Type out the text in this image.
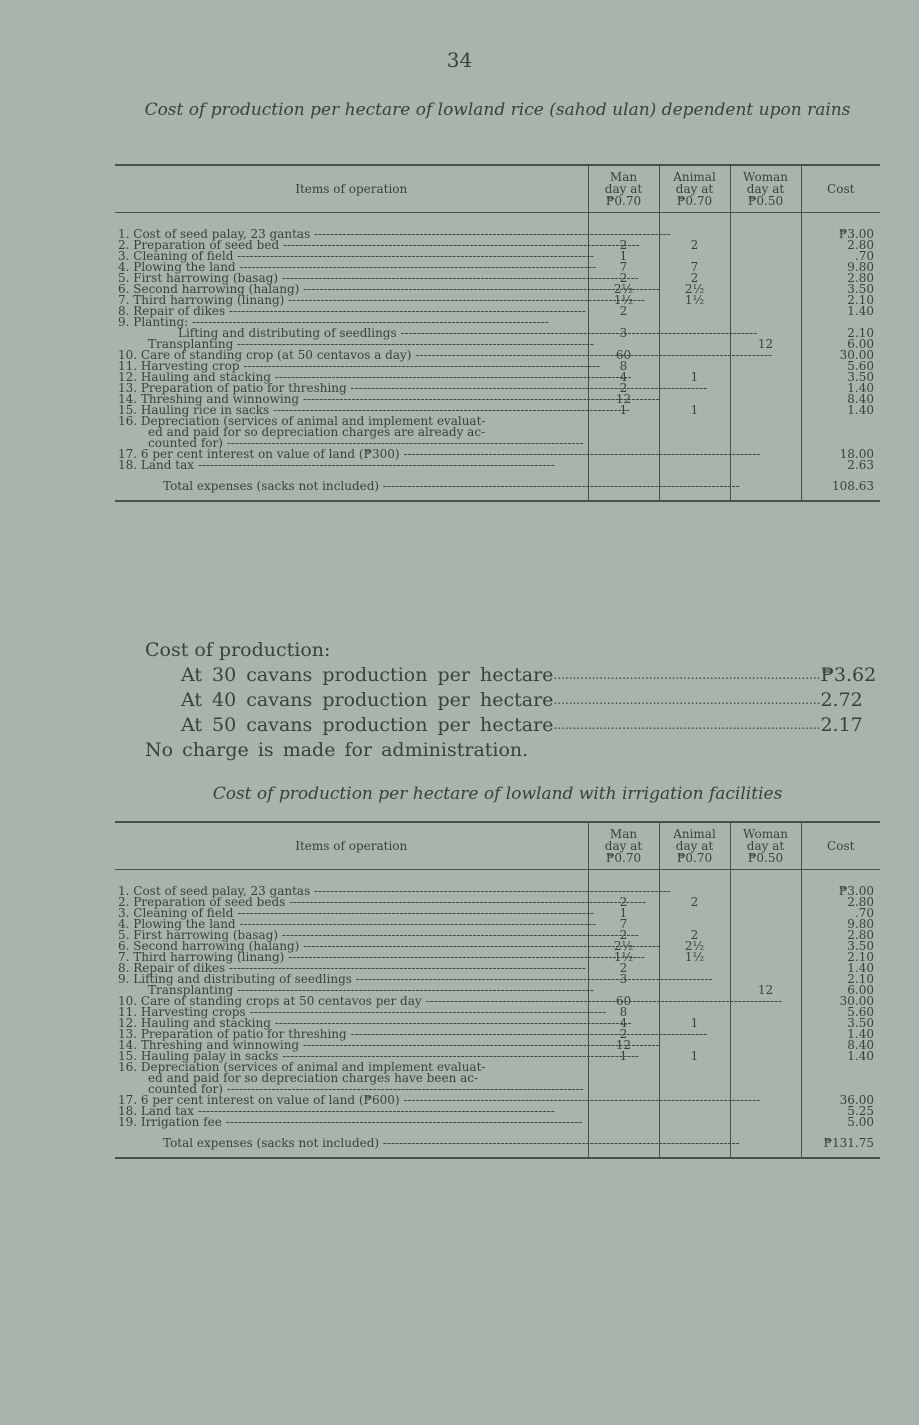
34
Cost of production per hectare of lowland rice (sahod ulan) dependent upon rains
Items of operation	Man
day at
₱0.70	Animal
day at
₱0.70	Woman
day at
₱0.50	Cost

1. Cost of seed palay, 23 gantas -----				₱3.00

2. Preparation of seed bed -----	2	2		2.80

3. Cleaning of field -----	1			.70

4. Plowing the land -----	7	7		9.80

5. First harrowing (basag) -----	2	2		2.80

6. Second harrowing (halang) -----	2½	2½		3.50

7. Third harrowing (linang) -----	1½	1½		2.10

8. Repair of dikes -----	2			1.40

9. Planting: -----

Lifting and distributing of seedlings -----	3			2.10

Transplanting -----			12	6.00

10. Care of standing crop (at 50 centavos a day) -----	60			30.00

11. Harvesting crop -----	8			5.60

12. Hauling and stacking -----	4	1		3.50

13. Preparation of patio for threshing -----	2			1.40

14. Threshing and winnowing -----	12			8.40

15. Hauling rice in sacks -----	1	1		1.40

16. Depreciation (services of animal and implement evaluat-
ed and paid for so depreciation charges are already ac-
counted for) -----

17. 6 per cent interest on value of land (₱300) -----				18.00

18. Land tax -----				2.63

Total expenses (sacks not included) -----				108.63
Cost of production:
At 30 cavans production per hectare ...................................................................... ₱3.62
At 40 cavans production per hectare ...................................................................... 2.72
At 50 cavans production per hectare ...................................................................... 2.17
No charge is made for administration.
Cost of production per hectare of lowland with irrigation facilities
Items of operation	Man
day at
₱0.70	Animal
day at
₱0.70	Woman
day at
₱0.50	Cost

1. Cost of seed palay, 23 gantas -----				₱3.00

2. Preparation of seed beds -----	2	2		2.80

3. Cleaning of field -----	1			.70

4. Plowing the land -----	7			9.80

5. First harrowing (basag) -----	2	2		2.80

6. Second harrowing (halang) -----	2½	2½		3.50

7. Third harrowing (linang) -----	1½	1½		2.10

8. Repair of dikes -----	2			1.40

9. Lifting and distributing of seedlings -----	3			2.10

Transplanting -----			12	6.00

10. Care of standing crops at 50 centavos per day -----	60			30.00

11. Harvesting crops -----	8			5.60

12. Hauling and stacking -----	4	1		3.50

13. Preparation of patio for threshing -----	2			1.40

14. Threshing and winnowing -----	12			8.40

15. Hauling palay in sacks -----	1	1		1.40

16. Depreciation (services of animal and implement evaluat-
ed and paid for so depreciation charges have been ac-
counted for) -----

17. 6 per cent interest on value of land (₱600) -----				36.00

18. Land tax -----				5.25

19. Irrigation fee -----				5.00

Total expenses (sacks not included) -----				₱131.75
